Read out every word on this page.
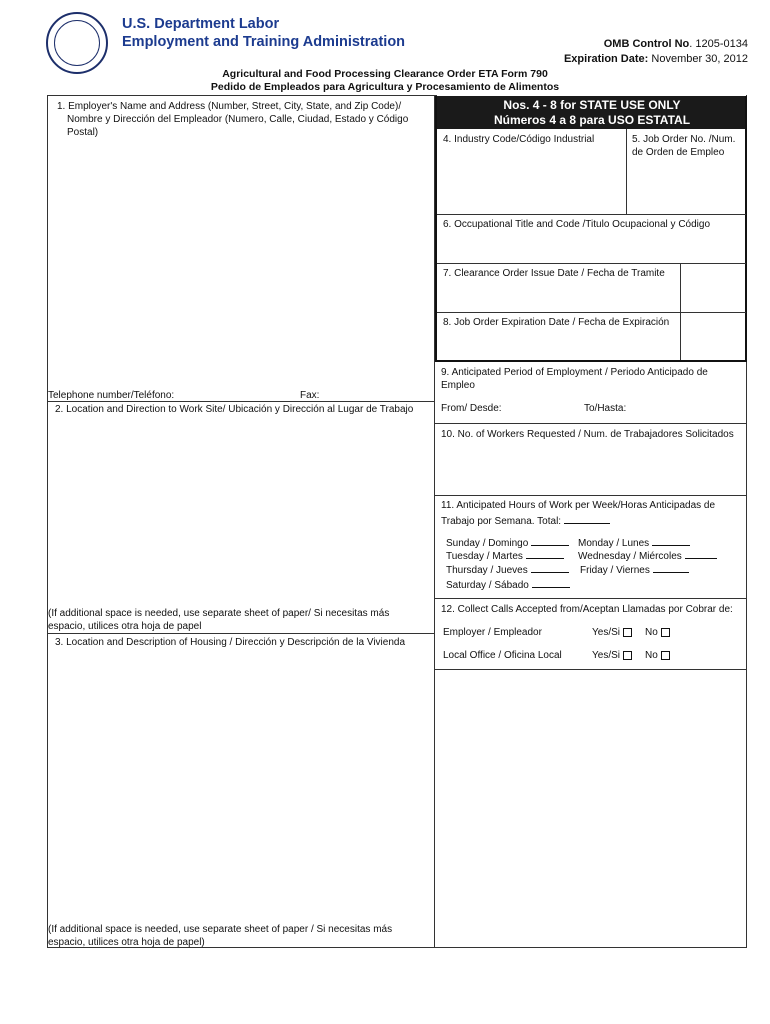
U.S. Department Labor
Employment and Training Administration	OMB Control No. 1205-0134
Expiration Date: November 30, 2012
Agricultural and Food Processing Clearance Order ETA Form 790
Pedido de Empleados para Agricultura y Procesamiento de Alimentos
1. Employer's Name and Address (Number, Street, City, State, and Zip Code)/
Nombre y Dirección del Empleador (Numero, Calle, Ciudad, Estado y Código
Postal)
Telephone number/Teléfono:	Fax:
2. Location and Direction to Work Site/ Ubicación y Dirección al Lugar de Trabajo
(If additional space is needed, use separate sheet of paper/ Si necesitas más
espacio, utilices otra hoja de papel
3. Location and Description of Housing / Dirección y Descripción de la Vivienda
(If additional space is needed, use separate sheet of paper / Si necesitas más
espacio, utilices otra hoja de papel)
Nos. 4 - 8 for STATE USE ONLY
Números 4 a 8 para USO ESTATAL
4. Industry Code/Código Industrial	5. Job Order No. /Num.
de Orden de Empleo
6. Occupational Title and Code /Titulo Ocupacional y Código
7. Clearance Order Issue Date / Fecha de Tramite
8. Job Order Expiration Date / Fecha de Expiración
9. Anticipated Period of Employment / Periodo Anticipado de
Empleo
From/ Desde:	To/Hasta:
10. No. of Workers Requested / Num. de Trabajadores Solicitados
11. Anticipated Hours of Work per Week/Horas Anticipadas de
Trabajo por Semana. Total:
Sunday / Domingo	Monday / Lunes
Tuesday / Martes	Wednesday / Miércoles
Thursday / Jueves	Friday / Viernes
Saturday / Sábado
12. Collect Calls Accepted from/Aceptan Llamadas por Cobrar de:
Employer / Empleador	Yes/Si	No
Local Office / Oficina Local	Yes/Si	No
